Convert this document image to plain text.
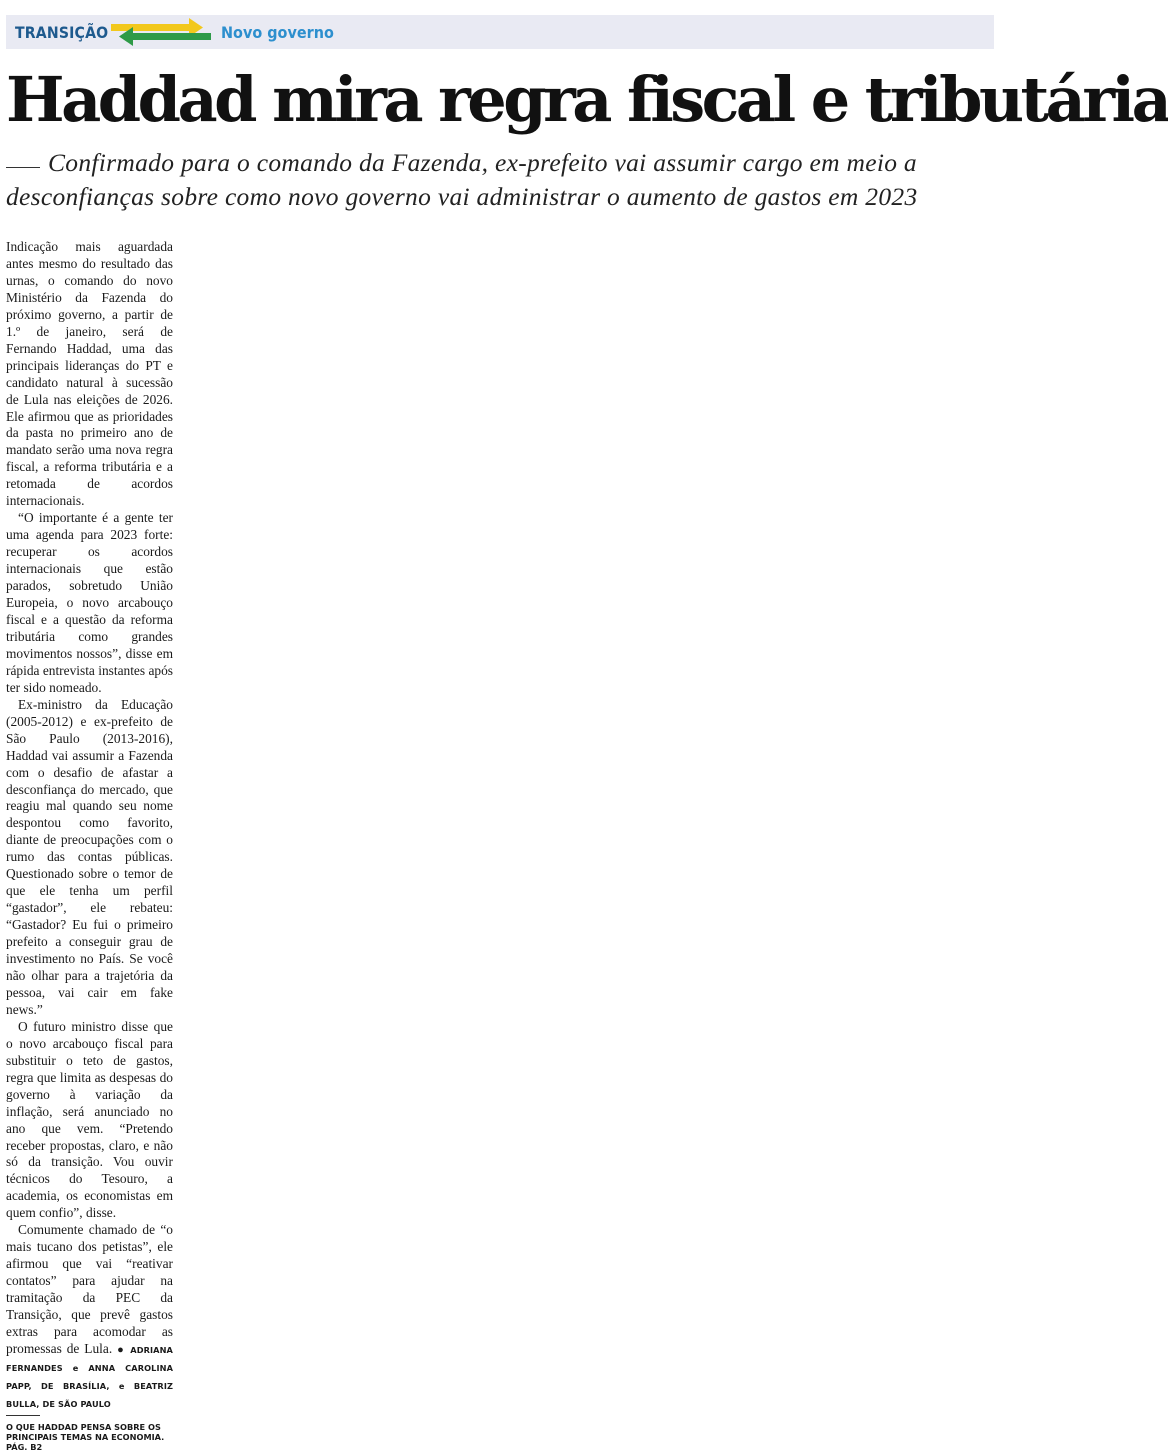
TRANSIÇÃO	Novo governo
Haddad mira regra fiscal e tributária

Confirmado para o comando da Fazenda, ex-prefeito vai assumir cargo em meio a desconfianças sobre como novo governo vai administrar o aumento de gastos em 2023

Indicação mais aguardada antes mesmo do resultado das urnas, o comando do novo Ministério da Fazenda do próximo governo, a partir de 1.º de janeiro, será de Fernando Haddad, uma das principais lideranças do PT e candidato natural à sucessão de Lula nas eleições de 2026. Ele afirmou que as prioridades da pasta no primeiro ano de mandato serão uma nova regra fiscal, a reforma tributária e a retomada de acordos internacionais.

“O importante é a gente ter uma agenda para 2023 forte: recuperar os acordos internacionais que estão parados, sobretudo União Europeia, o novo arcabouço fiscal e a questão da reforma tributária como grandes movimentos nossos”, disse em rápida entrevista instantes após ter sido nomeado.

Ex-ministro da Educação (2005-2012) e ex-prefeito de São Paulo (2013-2016), Haddad vai assumir a Fazenda com o desafio de afastar a desconfiança do mercado, que reagiu mal quando seu nome despontou como favorito, diante de preocupações com o rumo das contas públicas. Questionado sobre o temor de que ele tenha um perfil “gastador”, ele rebateu: “Gastador? Eu fui o primeiro prefeito a conseguir grau de investimento no País. Se você não olhar para a trajetória da pessoa, vai cair em fake news.”

O futuro ministro disse que o novo arcabouço fiscal para substituir o teto de gastos, regra que limita as despesas do governo à variação da inflação, será anunciado no ano que vem. “Pretendo receber propostas, claro, e não só da transição. Vou ouvir técnicos do Tesouro, a academia, os economistas em quem confio”, disse.

Comumente chamado de “o mais tucano dos petistas”, ele afirmou que vai “reativar contatos” para ajudar na tramitação da PEC da Transição, que prevê gastos extras para acomodar as promessas de Lula. ● ADRIANA FERNANDES e ANNA CAROLINA PAPP, DE BRASÍLIA, e BEATRIZ BULLA, DE SÃO PAULO

O QUE HADDAD PENSA SOBRE OS PRINCIPAIS TEMAS NA ECONOMIA. PÁG. B2
